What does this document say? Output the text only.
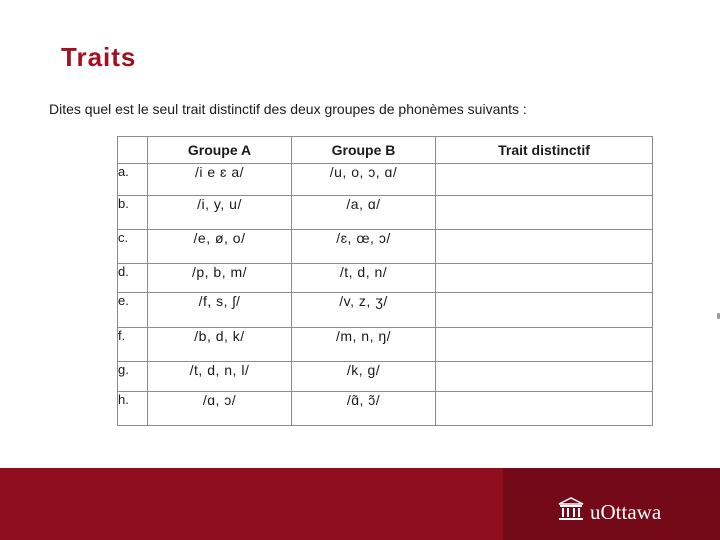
Traits
Dites quel est le seul trait distinctif des deux groupes de phonèmes suivants :
	Groupe A	Groupe B	Trait distinctif
a.	/i e ɛ a/	/u, o, ɔ, ɑ/	
b.	/i, y, u/	/a, ɑ/	
c.	/e, ø, o/	/ɛ, œ, ɔ/	
d.	/p, b, m/	/t, d, n/	
e.	/f, s, ʃ/	/v, z, ʒ/	
f.	/b, d, k/	/m, n, ŋ/	
g.	/t, d, n, l/	/k, g/	
h.	/ɑ, ɔ/	/ɑ̃, ɔ̃/	
uOttawa
